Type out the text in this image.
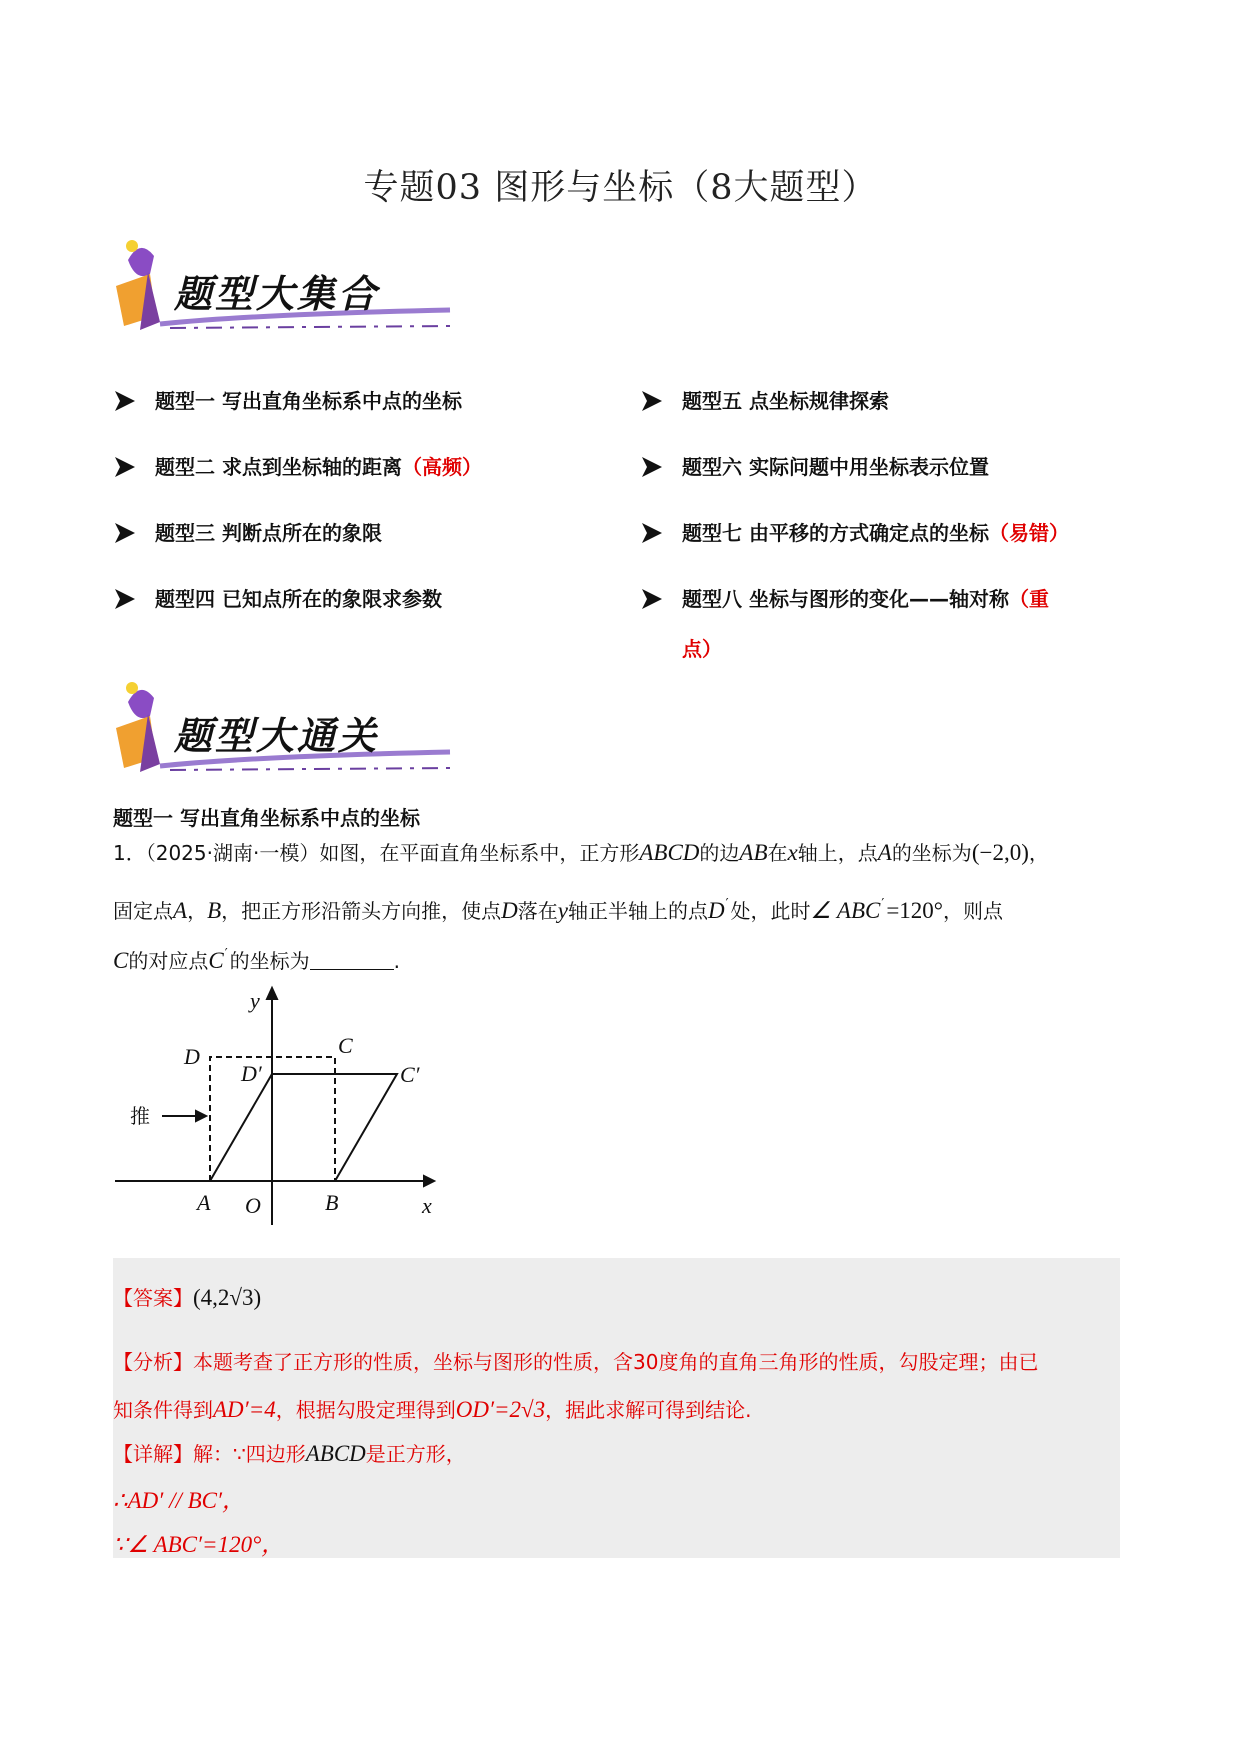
专题03 图形与坐标（8大题型）
题型大集合
题型一 写出直角坐标系中点的坐标
题型二 求点到坐标轴的距离（高频）
题型三 判断点所在的象限
题型四 已知点所在的象限求参数
题型五 点坐标规律探索
题型六 实际问题中用坐标表示位置
题型七 由平移的方式确定点的坐标（易错）
题型八 坐标与图形的变化——轴对称（重
点）
题型大通关
题型一 写出直角坐标系中点的坐标
1．（2025·湖南·一模）如图，在平面直角坐标系中，正方形ABCD的边AB在x轴上，点A的坐标为(−2,0)，
固定点A，B，把正方形沿箭头方向推，使点D落在y轴正半轴上的点D′ 处，此时∠ ABC′=120°，则点
C的对应点C′ 的坐标为	.
y
x
D	C
D′	C′
A O	B
推
【答案】(4,2√3)
【分析】本题考查了正方形的性质，坐标与图形的性质，含30度角的直角三角形的性质，勾股定理；由已
知条件得到AD′=4，根据勾股定理得到OD′=2√3，据此求解可得到结论.
【详解】解：∵四边形ABCD是正方形，
∴AD′ // BC′，
∵∠ ABC′=120°，
